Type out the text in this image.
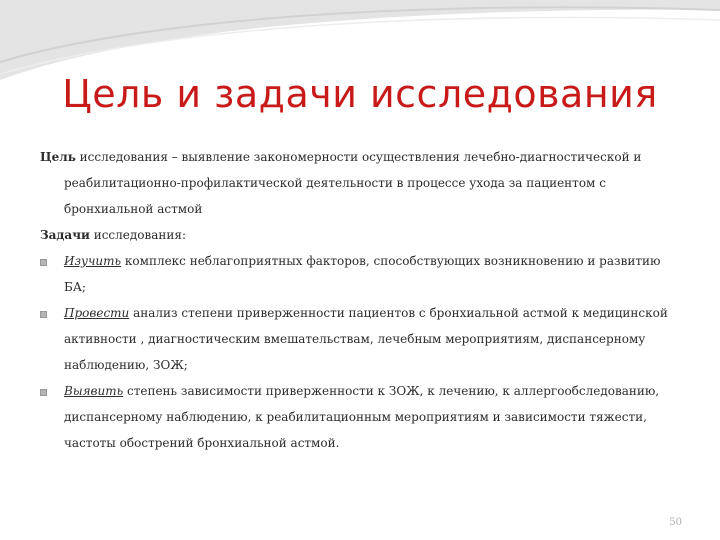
Цель и задачи исследования
Цель исследования – выявление закономерности осуществления лечебно-диагностической и
реабилитационно-профилактической деятельности в процессе ухода за пациентом с
бронхиальной астмой
Задачи исследования:
Изучить комплекс неблагоприятных факторов, способствующих возникновению и развитию
БА;
Провести анализ степени приверженности пациентов с бронхиальной астмой к медицинской
активности , диагностическим вмешательствам, лечебным мероприятиям, диспансерному
наблюдению, ЗОЖ;
Выявить степень зависимости приверженности к ЗОЖ, к лечению, к аллергообследованию,
диспансерному наблюдению, к реабилитационным мероприятиям и зависимости тяжести,
частоты обострений бронхиальной астмой.
50
